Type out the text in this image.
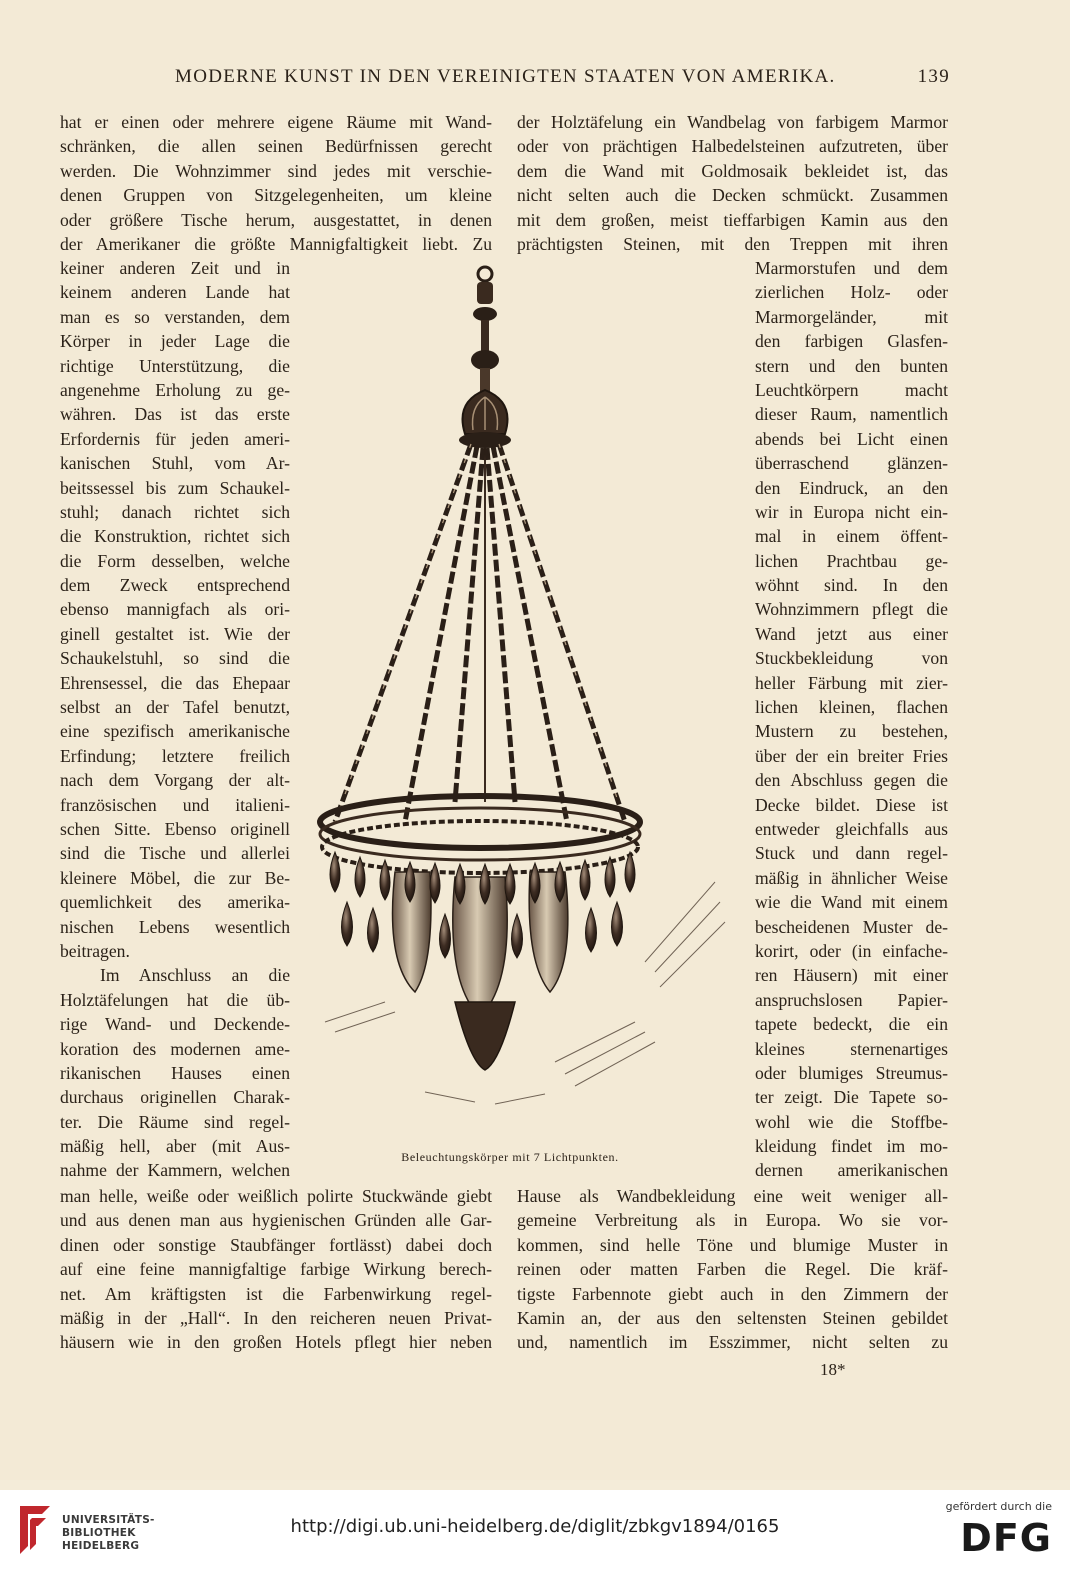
MODERNE KUNST IN DEN VEREINIGTEN STAATEN VON AMERIKA.	139
hat er einen oder mehrere eigene Räume mit Wand-
schränken, die allen seinen Bedürfnissen gerecht
werden. Die Wohnzimmer sind jedes mit verschie-
denen Gruppen von Sitzgelegenheiten, um kleine
oder größere Tische herum, ausgestattet, in denen
der Amerikaner die größte Mannigfaltigkeit liebt. Zu
der Holztäfelung ein Wandbelag von farbigem Marmor
oder von prächtigen Halbedelsteinen aufzutreten, über
dem die Wand mit Goldmosaik bekleidet ist, das
nicht selten auch die Decken schmückt. Zusammen
mit dem großen, meist tieffarbigen Kamin aus den
prächtigsten Steinen, mit den Treppen mit ihren
keiner anderen Zeit und in
keinem anderen Lande hat
man es so verstanden, dem
Körper in jeder Lage die
richtige Unterstützung, die
angenehme Erholung zu ge-
währen. Das ist das erste
Erfordernis für jeden ameri-
kanischen Stuhl, vom Ar-
beitssessel bis zum Schaukel-
stuhl; danach richtet sich
die Konstruktion, richtet sich
die Form desselben, welche
dem Zweck entsprechend
ebenso mannigfach als ori-
ginell gestaltet ist. Wie der
Schaukelstuhl, so sind die
Ehrensessel, die das Ehepaar
selbst an der Tafel benutzt,
eine spezifisch amerikanische
Erfindung; letztere freilich
nach dem Vorgang der alt-
französischen und italieni-
schen Sitte. Ebenso originell
sind die Tische und allerlei
kleinere Möbel, die zur Be-
quemlichkeit des amerika-
nischen Lebens wesentlich
beitragen.
Im Anschluss an die
Holztäfelungen hat die üb-
rige Wand- und Deckende-
koration des modernen ame-
rikanischen Hauses einen
durchaus originellen Charak-
ter. Die Räume sind regel-
mäßig hell, aber (mit Aus-
nahme der Kammern, welchen
Marmorstufen und dem
zierlichen Holz- oder
Marmorgeländer, mit
den farbigen Glasfen-
stern und den bunten
Leuchtkörpern macht
dieser Raum, namentlich
abends bei Licht einen
überraschend glänzen-
den Eindruck, an den
wir in Europa nicht ein-
mal in einem öffent-
lichen Prachtbau ge-
wöhnt sind. In den
Wohnzimmern pflegt die
Wand jetzt aus einer
Stuckbekleidung von
heller Färbung mit zier-
lichen kleinen, flachen
Mustern zu bestehen,
über der ein breiter Fries
den Abschluss gegen die
Decke bildet. Diese ist
entweder gleichfalls aus
Stuck und dann regel-
mäßig in ähnlicher Weise
wie die Wand mit einem
bescheidenen Muster de-
korirt, oder (in einfache-
ren Häusern) mit einer
anspruchslosen Papier-
tapete bedeckt, die ein
kleines sternenartiges
oder blumiges Streumus-
ter zeigt. Die Tapete so-
wohl wie die Stoffbe-
kleidung findet im mo-
dernen amerikanischen
Beleuchtungskörper mit 7 Lichtpunkten.
man helle, weiße oder weißlich polirte Stuckwände giebt
und aus denen man aus hygienischen Gründen alle Gar-
dinen oder sonstige Staubfänger fortlässt) dabei doch
auf eine feine mannigfaltige farbige Wirkung berech-
net. Am kräftigsten ist die Farbenwirkung regel-
mäßig in der „Hall“. In den reicheren neuen Privat-
häusern wie in den großen Hotels pflegt hier neben
Hause als Wandbekleidung eine weit weniger all-
gemeine Verbreitung als in Europa. Wo sie vor-
kommen, sind helle Töne und blumige Muster in
reinen oder matten Farben die Regel. Die kräf-
tigste Farbennote giebt auch in den Zimmern der
Kamin an, der aus den seltensten Steinen gebildet
und, namentlich im Esszimmer, nicht selten zu
18*
UNIVERSITÄTS-
BIBLIOTHEK
HEIDELBERG
http://digi.ub.uni-heidelberg.de/diglit/zbkgv1894/0165
gefördert durch die
DFG
